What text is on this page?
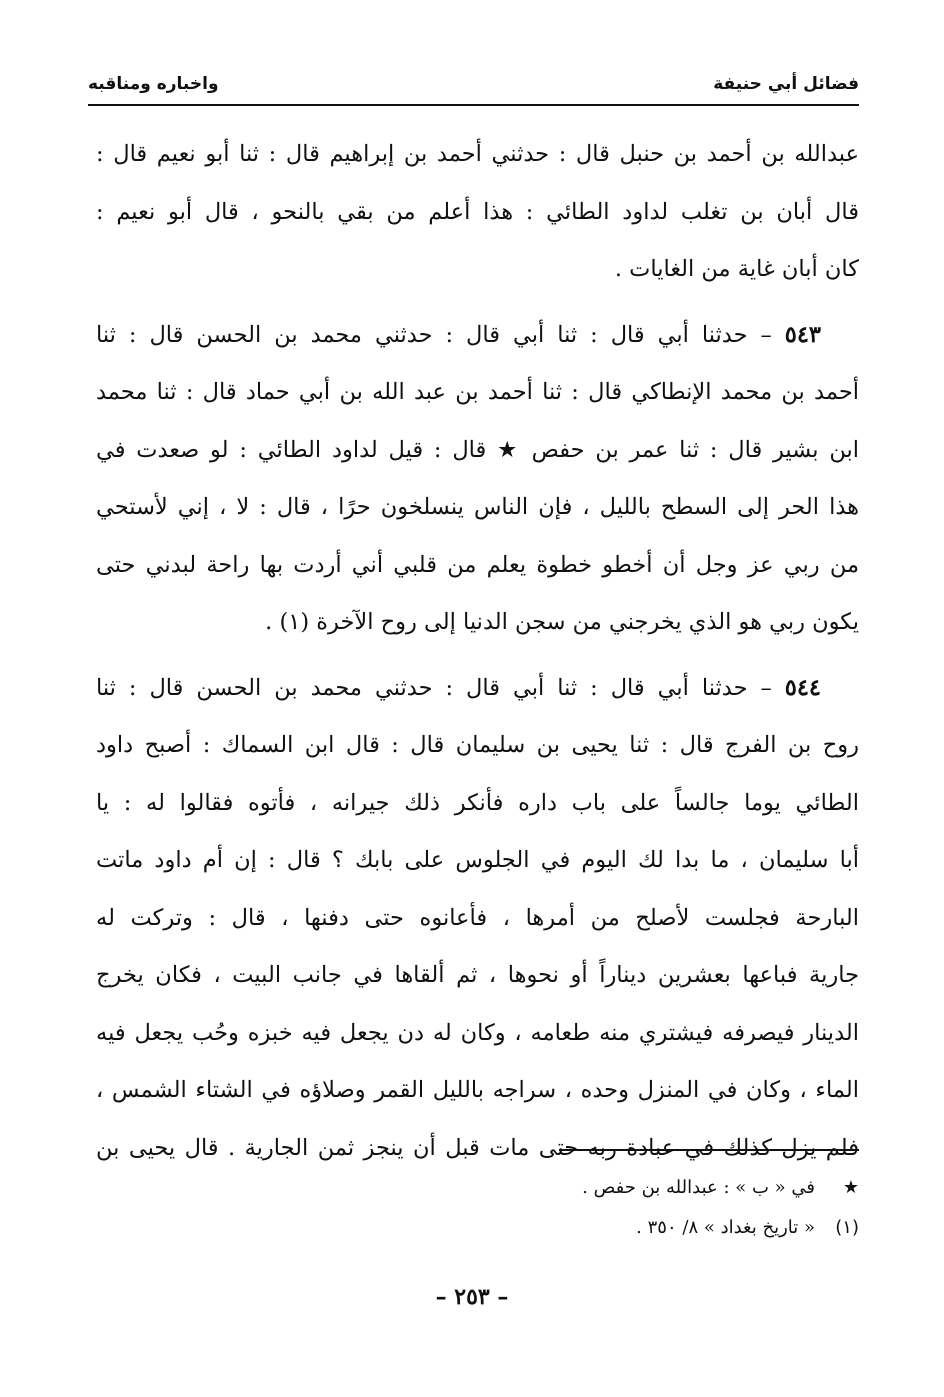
فضائل أبي حنيفة
واخباره ومناقبه

عبدالله بن أحمد بن حنبل قال : حدثني أحمد بن إبراهيم قال : ثنا أبو نعيم قال :
قال أبان بن تغلب لداود الطائي : هذا أعلم من بقي بالنحو ، قال أبو نعيم :
كان أبان غاية من الغايات .

٥٤٣ – حدثنا أبي قال : ثنا أبي قال : حدثني محمد بن الحسن قال : ثنا
أحمد بن محمد الإنطاكي قال : ثنا أحمد بن عبد الله بن أبي حماد قال : ثنا محمد
ابن بشير قال : ثنا عمر بن حفص ★ قال : قيل لداود الطائي : لو صعدت في
هذا الحر إلى السطح بالليل ، فإن الناس ينسلخون حرًا ، قال : لا ، إني لأستحي
من ربي عز وجل أن أخطو خطوة يعلم من قلبي أني أردت بها راحة لبدني حتى
يكون ربي هو الذي يخرجني من سجن الدنيا إلى روح الآخرة (١) .

٥٤٤ – حدثنا أبي قال : ثنا أبي قال : حدثني محمد بن الحسن قال : ثنا
روح بن الفرج قال : ثنا يحيى بن سليمان قال : قال ابن السماك : أصبح داود
الطائي يوما جالساً على باب داره فأنكر ذلك جيرانه ، فأتوه فقالوا له : يا
أبا سليمان ، ما بدا لك اليوم في الجلوس على بابك ؟ قال : إن أم داود ماتت
البارحة فجلست لأصلح من أمرها ، فأعانوه حتى دفنها ، قال : وتركت له
جارية فباعها بعشرين ديناراً أو نحوها ، ثم ألقاها في جانب البيت ، فكان يخرج
الدينار فيصرفه فيشتري منه طعامه ، وكان له دن يجعل فيه خبزه وحُب يجعل فيه
الماء ، وكان في المنزل وحده ، سراجه بالليل القمر وصلاؤه في الشتاء الشمس ،
فلم يزل كذلك في عبادة ربه حتى مات قبل أن ينجز ثمن الجارية . قال يحيى بن

★في « ب » : عبدالله بن حفص .
(١)« تاريخ بغداد » ٨/ ٣٥٠ .
– ٢٥٣ –
